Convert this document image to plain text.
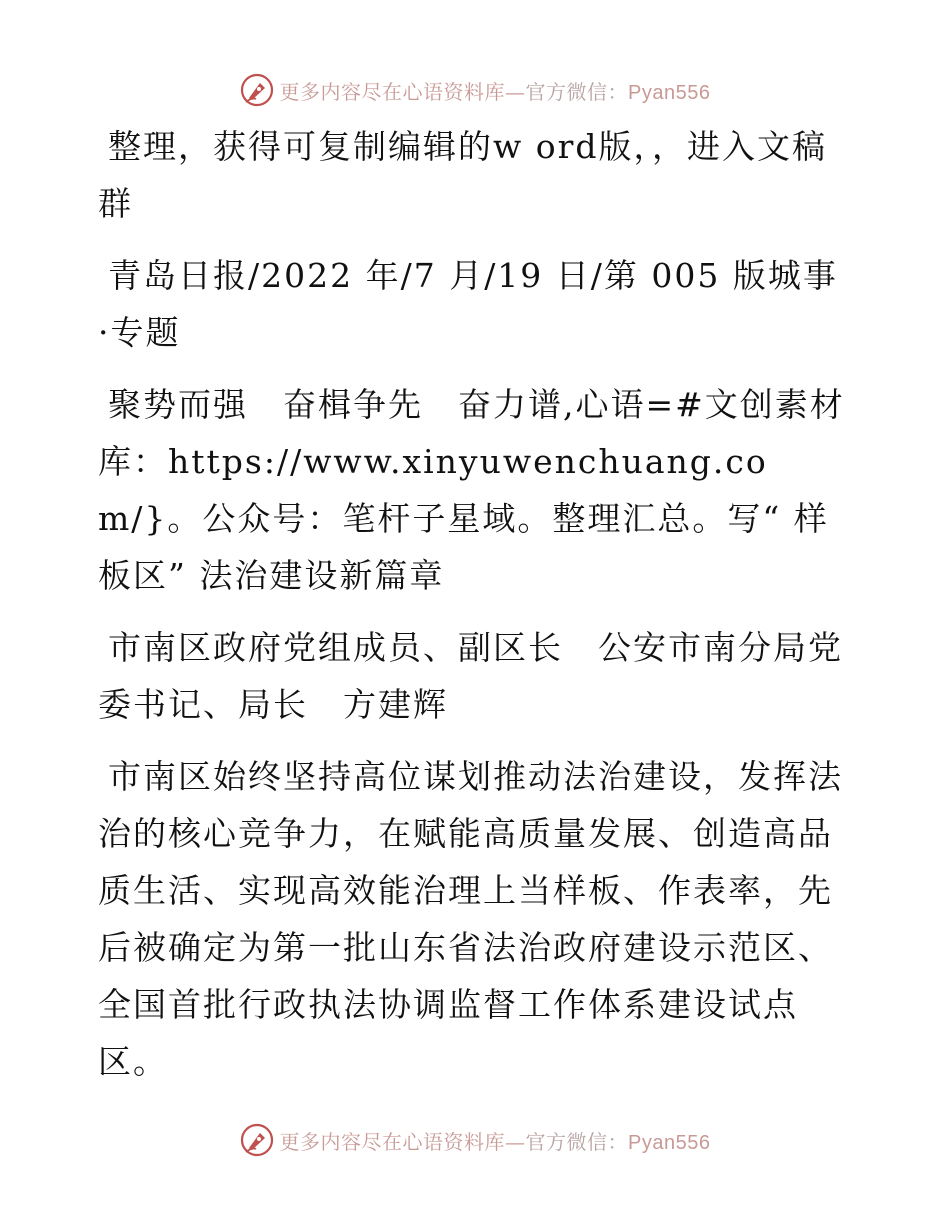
更多内容尽在心语资料库—官方微信：Pyan556

整理，获得可复制编辑的w ord版，，进入文稿群

青岛日报/2022 年/7 月/19 日/第 005 版城事·专题

聚势而强　奋楫争先　奋力谱,心语=#文创素材库：https://www.xinyuwenchuang.com/}。公众号：笔杆子星域。整理汇总。写“ 样板区” 法治建设新篇章

市南区政府党组成员、副区长　公安市南分局党委书记、局长　方建辉

市南区始终坚持高位谋划推动法治建设，发挥法治的核心竞争力，在赋能高质量发展、创造高品质生活、实现高效能治理上当样板、作表率，先后被确定为第一批山东省法治政府建设示范区、全国首批行政执法协调监督工作体系建设试点区。

更多内容尽在心语资料库—官方微信：Pyan556
